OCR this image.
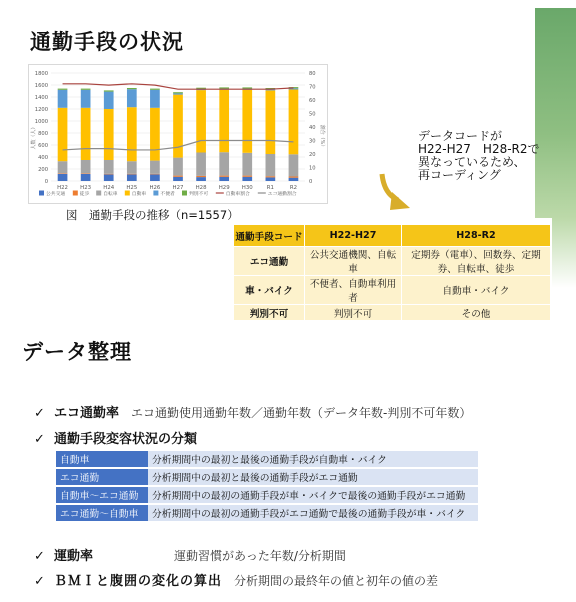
通勤手段の状況
人数（人）	割合（%）
0
200
400
600
800
1000
1200
1400
1600
1800
0
10
20
30
40
50
60
70
80
H22 H23 H24 H25 H26 H27 H28 H29 H30	R1	R2
公共交通	徒歩	自転車	自動車	不便者	判別不可	自動車割合	エコ通勤割合
図　通勤手段の推移（n=1557）
データコードが
H22-H27　H28-R2で
異なっているため、
再コーディング
通勤手段コード	H22-H27	H28-R2
エコ通勤	公共交通機関、自転車	定期券（電車）、回数券、定期券、自転車、徒歩
車・バイク	不便者、自動車利用者	自動車・バイク
判別不可	判別不可	その他
データ整理
✓ エコ通勤率 エコ通勤使用通勤年数／通勤年数（データ年数-判別不可年数）
✓ 通勤手段変容状況の分類
自動車	分析期間中の最初と最後の通勤手段が自動車・バイク
エコ通勤	分析期間中の最初と最後の通勤手段がエコ通勤
自動車～エコ通勤	分析期間中の最初の通勤手段が車・バイクで最後の通勤手段がエコ通勤
エコ通勤～自動車	分析期間中の最初の通勤手段がエコ通勤で最後の通勤手段が車・バイク
✓ 運動率	運動習慣があった年数/分析期間
✓ ＢＭＩと腹囲の変化の算出 分析期間の最終年の値と初年の値の差
